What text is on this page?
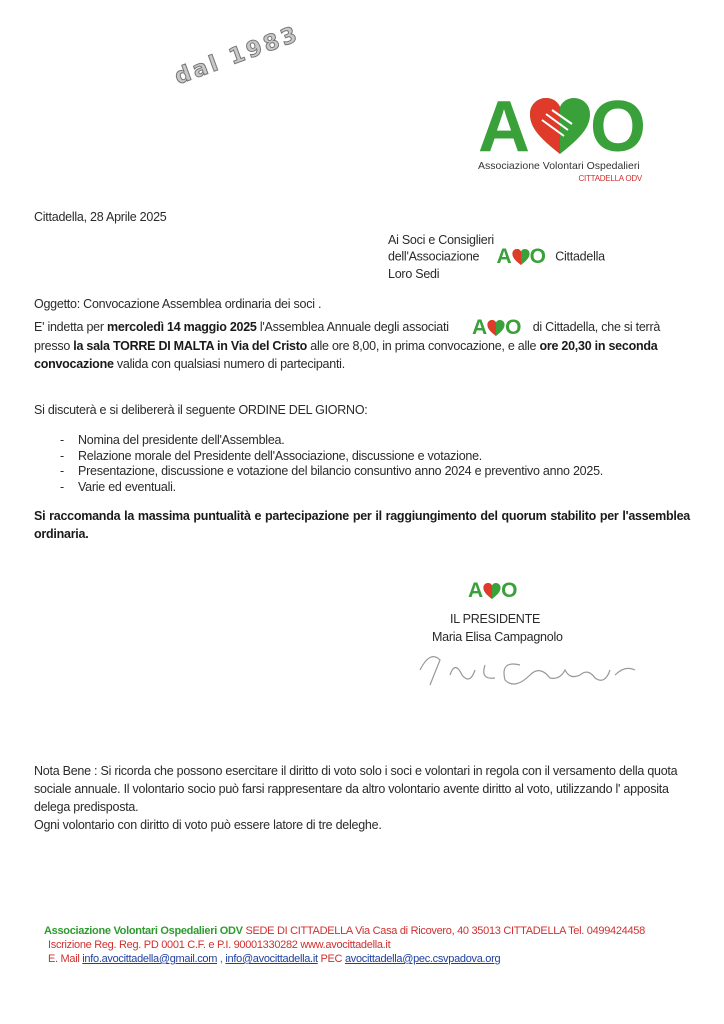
dal 1983
A O
Associazione Volontari Ospedalieri
CITTADELLA ODV

Cittadella, 28 Aprile 2025

Ai Soci e Consiglieri
dell'Associazione A O Cittadella
Loro Sedi

Oggetto: Convocazione Assemblea ordinaria dei soci .

E' indetta per mercoledì 14 maggio 2025 l'Assemblea Annuale degli associati A O di Cittadella, che si terrà presso la sala TORRE DI MALTA in Via del Cristo alle ore 8,00, in prima convocazione, e alle ore 20,30 in seconda convocazione valida con qualsiasi numero di partecipanti.

Si discuterà e si delibererà il seguente ORDINE DEL GIORNO:

- Nomina del presidente dell'Assemblea.
- Relazione morale del Presidente dell'Associazione, discussione e votazione.
- Presentazione, discussione e votazione del bilancio consuntivo anno 2024 e preventivo anno 2025.
- Varie ed eventuali.

Si raccomanda la massima puntualità e partecipazione per il raggiungimento del quorum stabilito per l'assemblea ordinaria.

A O

IL PRESIDENTE

Maria Elisa Campagnolo

Nota Bene : Si ricorda che possono esercitare il diritto di voto solo i soci e volontari in regola con il versamento della quota sociale annuale. Il volontario socio può farsi rappresentare da altro volontario avente diritto al voto, utilizzando l' apposita delega predisposta.

Ogni volontario con diritto di voto può essere latore di tre deleghe.

Associazione Volontari Ospedalieri ODV SEDE DI CITTADELLA Via Casa di Ricovero, 40 35013 CITTADELLA Tel. 0499424458
Iscrizione Reg. Reg. PD 0001 C.F. e P.I. 90001330282 www.avocittadella.it
E. Mail info.avocittadella@gmail.com , info@avocittadella.it PEC avocittadella@pec.csvpadova.org
